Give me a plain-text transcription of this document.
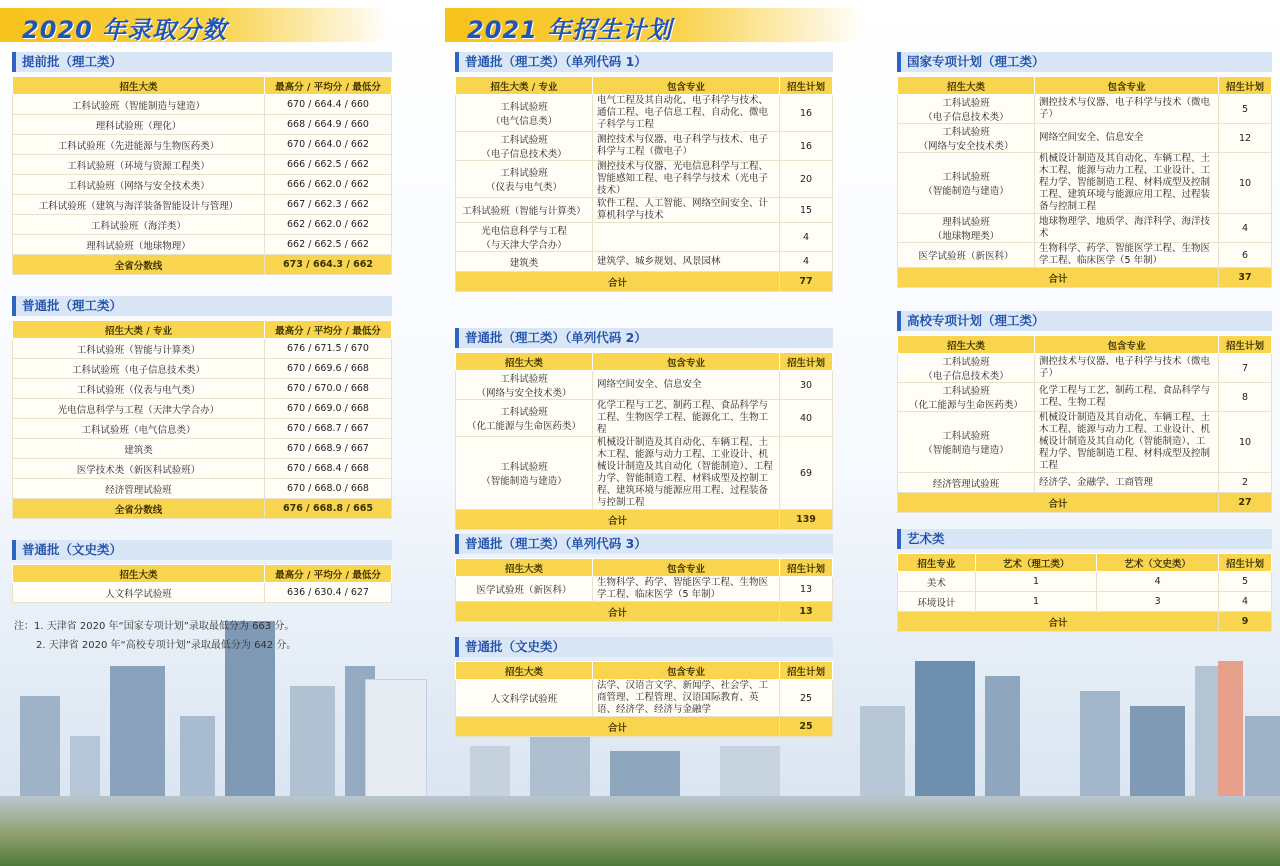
2020 年录取分数	2021 年招生计划
提前批（理工类）
招生大类	最高分 / 平均分 / 最低分
工科试验班（智能制造与建造）	670 / 664.4 / 660
理科试验班（理化）	668 / 664.9 / 660
工科试验班（先进能源与生物医药类）	670 / 664.0 / 662
工科试验班（环境与资源工程类）	666 / 662.5 / 662
工科试验班（网络与安全技术类）	666 / 662.0 / 662
工科试验班（建筑与海洋装备智能设计与管理）	667 / 662.3 / 662
工科试验班（海洋类）	662 / 662.0 / 662
理科试验班（地球物理）	662 / 662.5 / 662
全省分数线	673 / 664.3 / 662
普通批（理工类）
招生大类 / 专业	最高分 / 平均分 / 最低分
工科试验班（智能与计算类）	676 / 671.5 / 670
工科试验班（电子信息技术类）	670 / 669.6 / 668
工科试验班（仪表与电气类）	670 / 670.0 / 668
光电信息科学与工程（天津大学合办）	670 / 669.0 / 668
工科试验班（电气信息类）	670 / 668.7 / 667
建筑类	670 / 668.9 / 667
医学技术类（新医科试验班）	670 / 668.4 / 668
经济管理试验班	670 / 668.0 / 668
全省分数线	676 / 668.8 / 665
普通批（文史类）
招生大类	最高分 / 平均分 / 最低分
人文科学试验班	636 / 630.4 / 627
注：1. 天津省 2020 年“国家专项计划”录取最低分为 663 分。
2. 天津省 2020 年“高校专项计划”录取最低分为 642 分。
普通批（理工类）（单列代码 1）
招生大类 / 专业	包含专业	招生计划
工科试验班
（电气信息类）	电气工程及其自动化、电子科学与技术、通信工程、电子信息工程、自动化、微电子科学与工程	16
工科试验班
（电子信息技术类）	测控技术与仪器、电子科学与技术、电子科学与工程（微电子）	16
工科试验班
（仪表与电气类）	测控技术与仪器、光电信息科学与工程、智能感知工程、电子科学与技术（光电子技术）	20
工科试验班（智能与计算类）	软件工程、人工智能、网络空间安全、计算机科学与技术	15
光电信息科学与工程
（与天津大学合办）		4
建筑类	建筑学、城乡规划、风景园林	4
合计		77
普通批（理工类）（单列代码 2）
招生大类	包含专业	招生计划
工科试验班
（网络与安全技术类）	网络空间安全、信息安全	30
工科试验班
（化工能源与生命医药类）	化学工程与工艺、制药工程、食品科学与工程、生物医学工程、能源化工、生物工程	40
工科试验班
（智能制造与建造）	机械设计制造及其自动化、车辆工程、土木工程、能源与动力工程、工业设计、机械设计制造及其自动化（智能制造）、工程力学、智能制造工程、材料成型及控制工程、建筑环境与能源应用工程、过程装备与控制工程	69
合计		139
普通批（理工类）（单列代码 3）
招生大类	包含专业	招生计划
医学试验班（新医科）	生物科学、药学、智能医学工程、生物医学工程、临床医学（5 年制）	13
合计		13
普通批（文史类）
招生大类	包含专业	招生计划
人文科学试验班	法学、汉语言文学、新闻学、社会学、工商管理、工程管理、汉语国际教育、英语、经济学、经济与金融学	25
合计		25
国家专项计划（理工类）
招生大类	包含专业	招生计划
工科试验班
（电子信息技术类）	测控技术与仪器、电子科学与技术（微电子）	5
工科试验班
（网络与安全技术类）	网络空间安全、信息安全	12
工科试验班
（智能制造与建造）	机械设计制造及其自动化、车辆工程、土木工程、能源与动力工程、工业设计、工程力学、智能制造工程、材料成型及控制工程、建筑环境与能源应用工程、过程装备与控制工程	10
理科试验班
（地球物理类）	地球物理学、地质学、海洋科学、海洋技术	4
医学试验班（新医科）	生物科学、药学、智能医学工程、生物医学工程、临床医学（5 年制）	6
合计		37
高校专项计划（理工类）
招生大类	包含专业	招生计划
工科试验班
（电子信息技术类）	测控技术与仪器、电子科学与技术（微电子）	7
工科试验班
（化工能源与生命医药类）	化学工程与工艺、制药工程、食品科学与工程、生物工程	8
工科试验班
（智能制造与建造）	机械设计制造及其自动化、车辆工程、土木工程、能源与动力工程、工业设计、机械设计制造及其自动化（智能制造）、工程力学、智能制造工程、材料成型及控制工程	10
经济管理试验班	经济学、金融学、工商管理	2
合计		27
艺术类
招生专业	艺术（理工类）	艺术（文史类）	招生计划
美术	1	4	5
环境设计	1	3	4
合计			9
